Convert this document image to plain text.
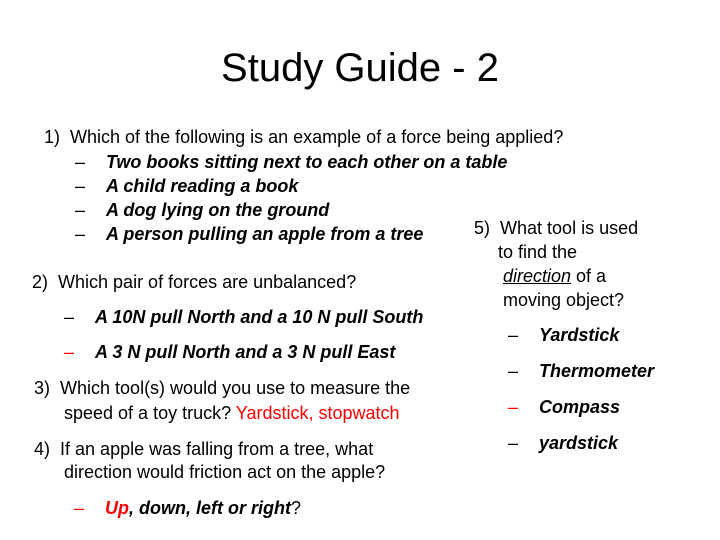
Study Guide - 2
1) Which of the following is an example of a force being applied?
– Two books sitting next to each other on a table
– A child reading a book
– A dog lying on the ground
– A person pulling an apple from a tree
2) Which pair of forces are unbalanced?
– A 10N pull North and a 10 N pull South
– A 3 N pull North and a 3 N pull East
3) Which tool(s) would you use to measure the
speed of a toy truck? Yardstick, stopwatch
4) If an apple was falling from a tree, what
direction would friction act on the apple?
– Up, down, left or right?
5) What tool is used
to find the
direction of a
moving object?
– Yardstick
– Thermometer
– Compass
– yardstick
